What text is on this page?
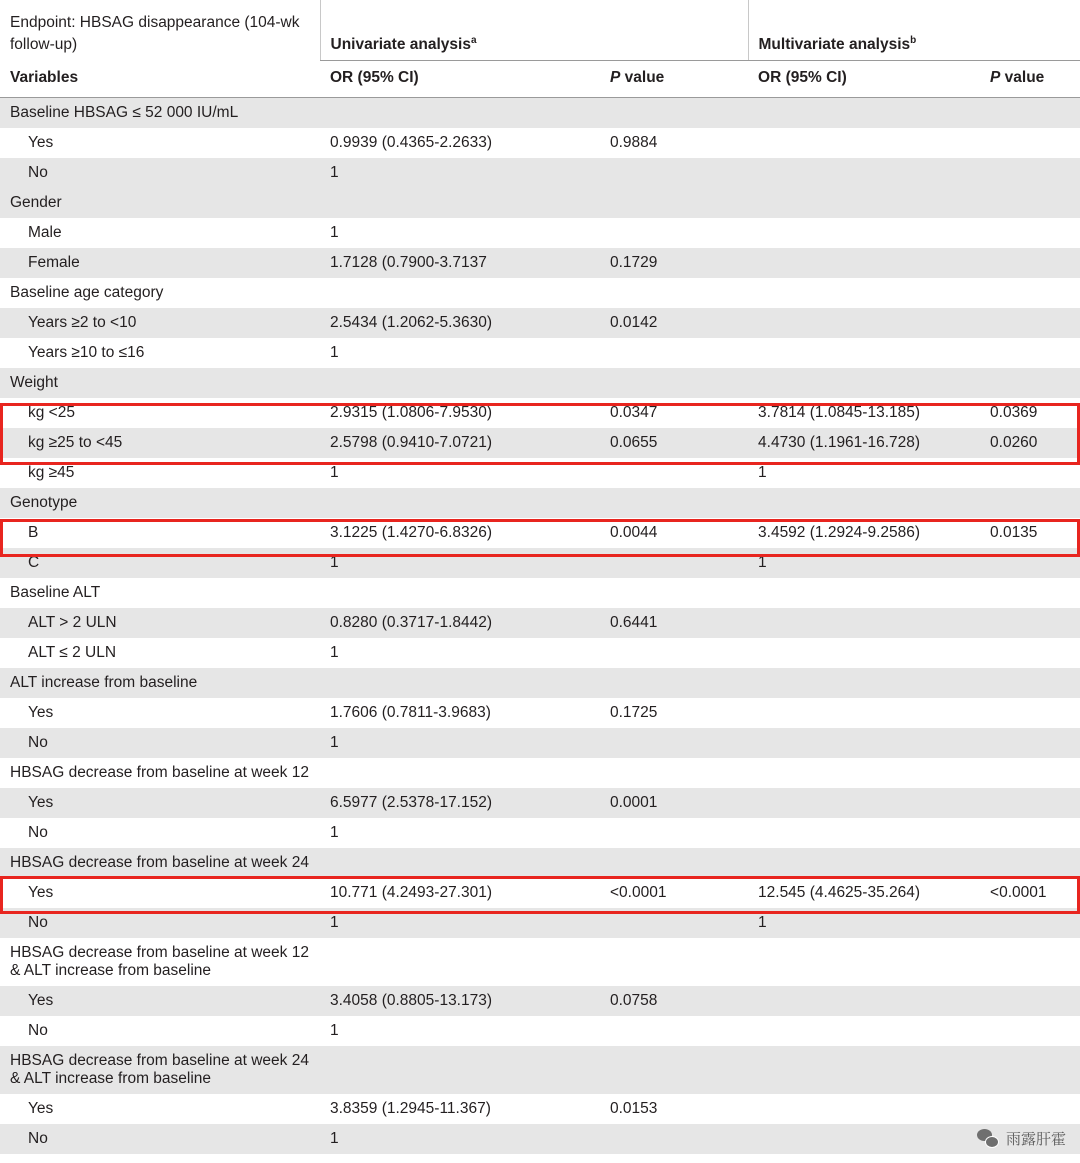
Endpoint: HBSAG disappearance (104-wk follow-up)	Univariate analysis$^a$		Multivariate analysis$^b$
Variables	OR (95% CI)	P value	OR (95% CI)	P value
Baseline HBSAG ≤ 52 000 IU/mL				
Yes	0.9939 (0.4365-2.2633)	0.9884		
No	1			
Gender				
Male	1			
Female	1.7128 (0.7900-3.7137	0.1729		
Baseline age category				
Years ≥2 to <10	2.5434 (1.2062-5.3630)	0.0142		
Years ≥10 to ≤16	1			
Weight				
kg <25	2.9315 (1.0806-7.9530)	0.0347	3.7814 (1.0845-13.185)	0.0369
kg ≥25 to <45	2.5798 (0.9410-7.0721)	0.0655	4.4730 (1.1961-16.728)	0.0260
kg ≥45	1		1	
Genotype				
B	3.1225 (1.4270-6.8326)	0.0044	3.4592 (1.2924-9.2586)	0.0135
C	1		1	
Baseline ALT				
ALT > 2 ULN	0.8280 (0.3717-1.8442)	0.6441		
ALT ≤ 2 ULN	1			
ALT increase from baseline				
Yes	1.7606 (0.7811-3.9683)	0.1725		
No	1			
HBSAG decrease from baseline at week 12				
Yes	6.5977 (2.5378-17.152)	0.0001		
No	1			
HBSAG decrease from baseline at week 24				
Yes	10.771 (4.2493-27.301)	<0.0001	12.545 (4.4625-35.264)	<0.0001
No	1		1	
HBSAG decrease from baseline at week 12 & ALT increase from baseline				
Yes	3.4058 (0.8805-13.173)	0.0758		
No	1			
HBSAG decrease from baseline at week 24 & ALT increase from baseline				
Yes	3.8359 (1.2945-11.367)	0.0153		
No	1				雨露肝霍
